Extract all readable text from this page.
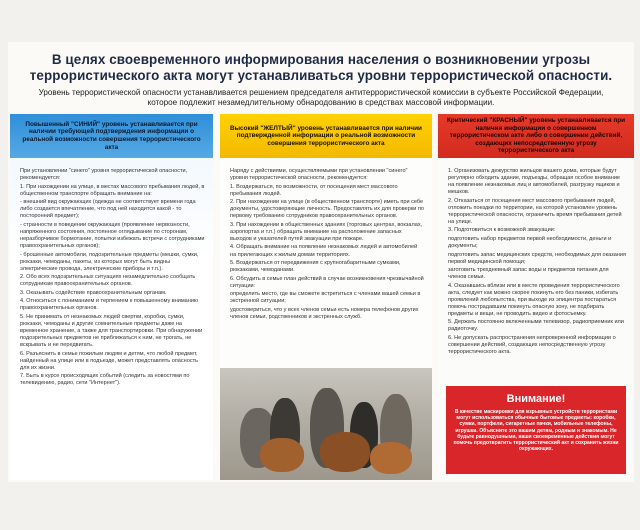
В целях своевременного информирования населения о возникновении угрозы террористического акта могут устанавливаться уровни террористической опасности.
Уровень террористической опасности устанавливается решением председателя антитеррористической комиссии в субъекте Российской Федерации, которое подлежит незамедлительному обнародованию в средствах массовой информации.
Повышенный "СИНИЙ" уровень устанавливается при наличии требующей подтверждения информации о реальной возможности совершения террористического акта

При установлении "синего" уровня террористической опасности, рекомендуется:

1. При нахождении на улице, в местах массового пребывания людей, в общественном транспорте обращать внимание на:

- внешний вид окружающих (одежда не соответствует времени года либо создается впечатление, что под ней находится какой - то посторонний предмет);

- странности в поведении окружающих (проявление нервозности, напряженного состояния, постоянное оглядывание по сторонам, неразборчивое бормотание, попытки избежать встречи с сотрудниками правоохранительных органов);

- брошенные автомобили, подозрительные предметы (мешки, сумки, рюкзаки, чемоданы, пакеты, из которых могут быть видны электрические провода, электрические приборы и т.п.).

2. Обо всех подозрительных ситуациях незамедлительно сообщать сотрудникам правоохранительных органов.

3. Оказывать содействие правоохранительным органам.

4. Относиться с пониманием и терпением к повышенному вниманию правоохранительных органов.

5. Не принимать от незнакомых людей свертки, коробки, сумки, рюкзаки, чемоданы и другие сомнительные предметы даже на временное хранение, а также для транспортировки. При обнаружении подозрительных предметов не приближаться к ним, не трогать, не вскрывать и не передвигать.

6. Разъяснить в семье пожилым людям и детям, что любой предмет, найденный на улице или в подъезде, может представлять опасность для их жизни.

7. Быть в курсе происходящих событий (следить за новостями по телевидению, радио, сети "Интернет").

Высокий "ЖЕЛТЫЙ" уровень устанавливается при наличии подтвержденной информации о реальной возможности совершения террористического акта

Наряду с действиями, осуществляемыми при установлении "синего" уровня террористической опасности, рекомендуется:

1. Воздержаться, по возможности, от посещения мест массового пребывания людей.

2. При нахождении на улице (в общественном транспорте) иметь при себе документы, удостоверяющие личность. Предоставлять их для проверки по первому требованию сотрудников правоохранительных органов.

3. При нахождении в общественных зданиях (торговых центрах, вокзалах, аэропортах и т.п.) обращать внимание на расположение запасных выходов и указателей путей эвакуации при пожаре.

4. Обращать внимание на появление незнакомых людей и автомобилей на прилегающих к жилым домам территориях.

5. Воздержаться от передвижения с крупногабаритными сумками, рюкзаками, чемоданами.

6. Обсудить в семье план действий в случае возникновения чрезвычайной ситуации:

определить место, где вы сможете встретиться с членами вашей семьи в экстренной ситуации;

удостовериться, что у всех членов семьи есть номера телефонов других членов семьи, родственников и экстренных служб.

Критический "КРАСНЫЙ" уровень устанавливается при наличии информации о совершенном террористическом акте либо о совершении действий, создающих непосредственную угрозу террористического акта

1. Организовать дежурство жильцов вашего дома, которые будут регулярно обходить здание, подъезды, обращая особое внимание на появление незнакомых лиц и автомобилей, разгрузку ящиков и мешков.

2. Отказаться от посещения мест массового пребывания людей, отложить поездки по территории, на которой установлен уровень террористической опасности, ограничить время пребывания детей на улице.

3. Подготовиться к возможной эвакуации:

подготовить набор предметов первой необходимости, деньги и документы;

подготовить запас медицинских средств, необходимых для оказания первой медицинской помощи;

заготовить трехдневный запас воды и предметов питания для членов семьи.

4. Оказавшись вблизи или в месте проведения террористического акта, следует как можно скорее покинуть его без паники, избегать проявлений любопытства, при выходе из эпицентра постараться помочь пострадавшим покинуть опасную зону, не подбирать предметы и вещи, не проводить видео и фотосъемку.

5. Держать постоянно включенными телевизор, радиоприемник или радиоточку.

6. Не допускать распространения непроверенной информации о совершении действий, создающих непосредственную угрозу террористического акта.

Внимание!
В качестве маскировки для взрывных устройств террористами могут использоваться обычные бытовые предметы: коробки, сумки, портфели, сигаретные пачки, мобильные телефоны, игрушки. Объясните это вашим детям, родным и знакомым. Не будьте равнодушными, ваши своевременные действия могут помочь предотвратить террористический акт и сохранить жизни окружающих.
